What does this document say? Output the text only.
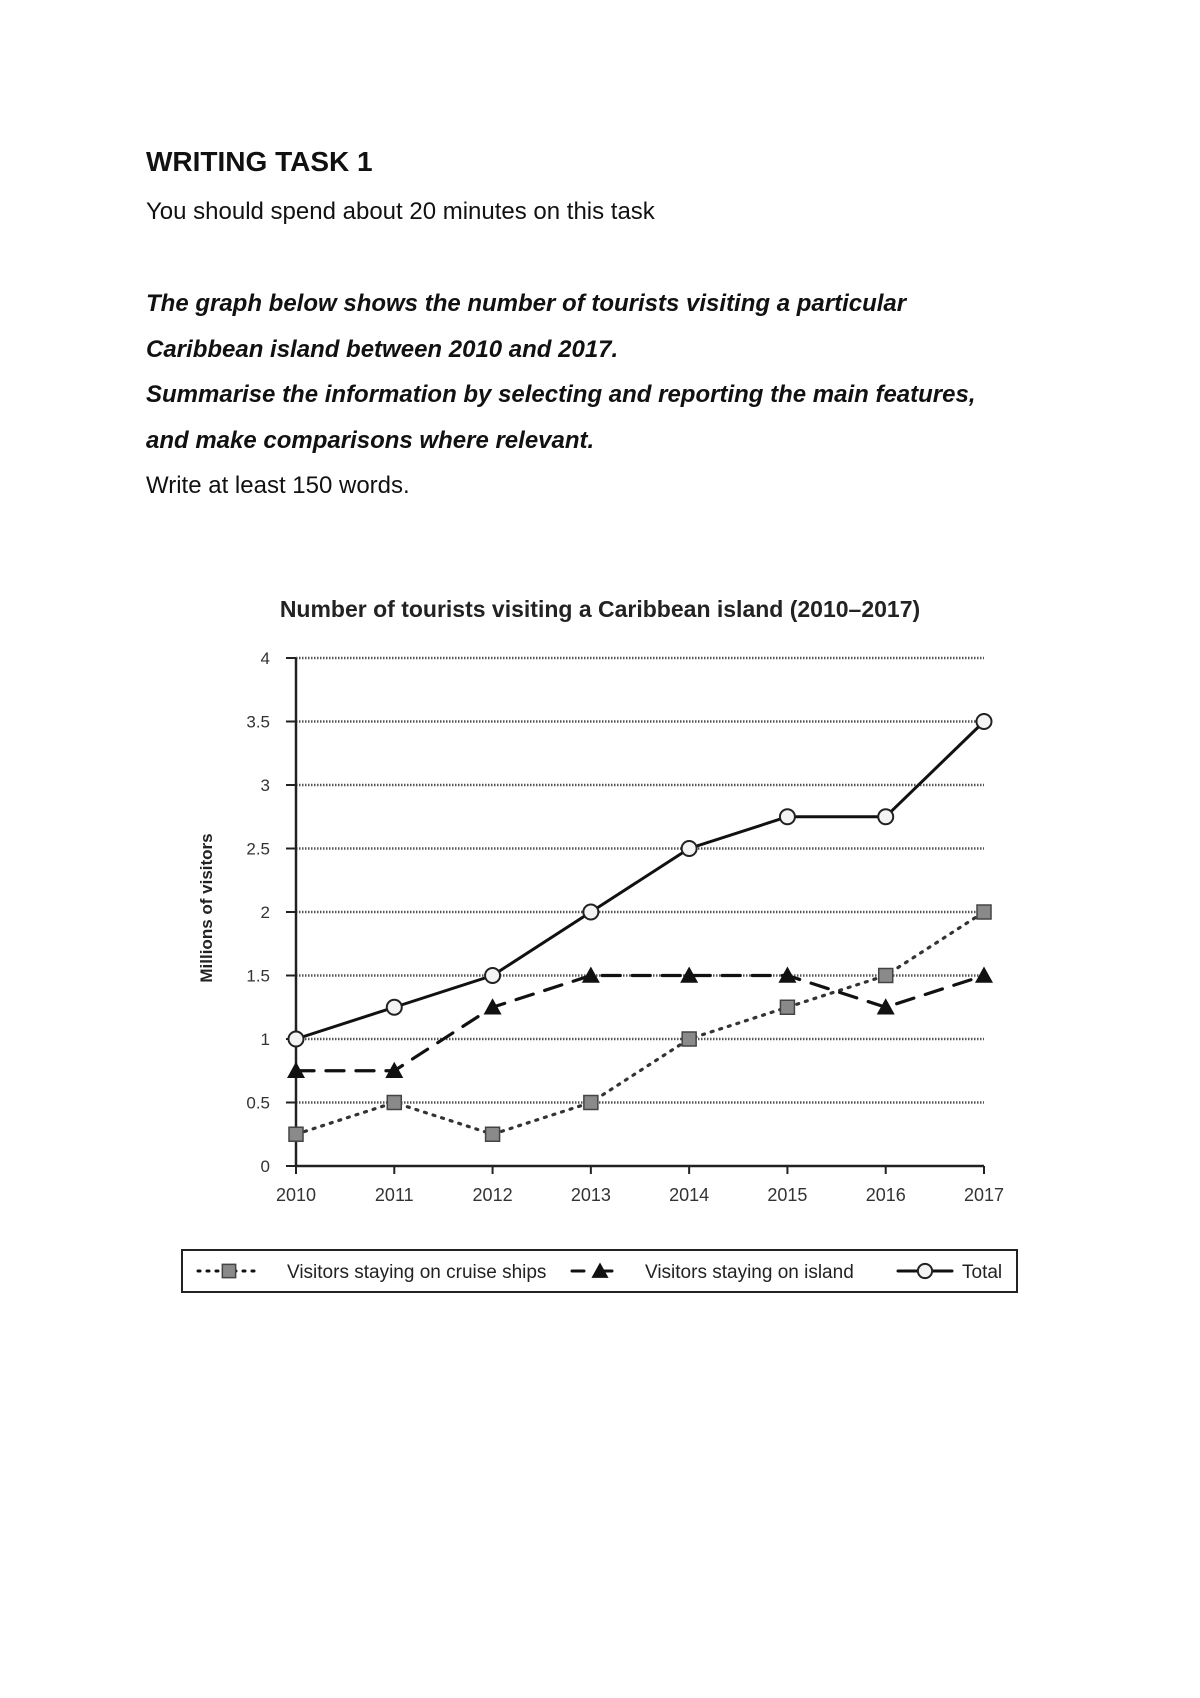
WRITING TASK 1

You should spend about 20 minutes on this task

The graph below shows the number of tourists visiting a particular

Caribbean island between 2010 and 2017.

Summarise the information by selecting and reporting the main features,

and make comparisons where relevant.

Write at least 150 words.

Number of tourists visiting a Caribbean island (2010–2017)
Millions of visitors
0
0.5
1
1.5
2
2.5
3
3.5
4
2010	2011	2012	2013	2014	2015	2016	2017
Visitors staying on cruise ships	Visitors staying on island	Total
